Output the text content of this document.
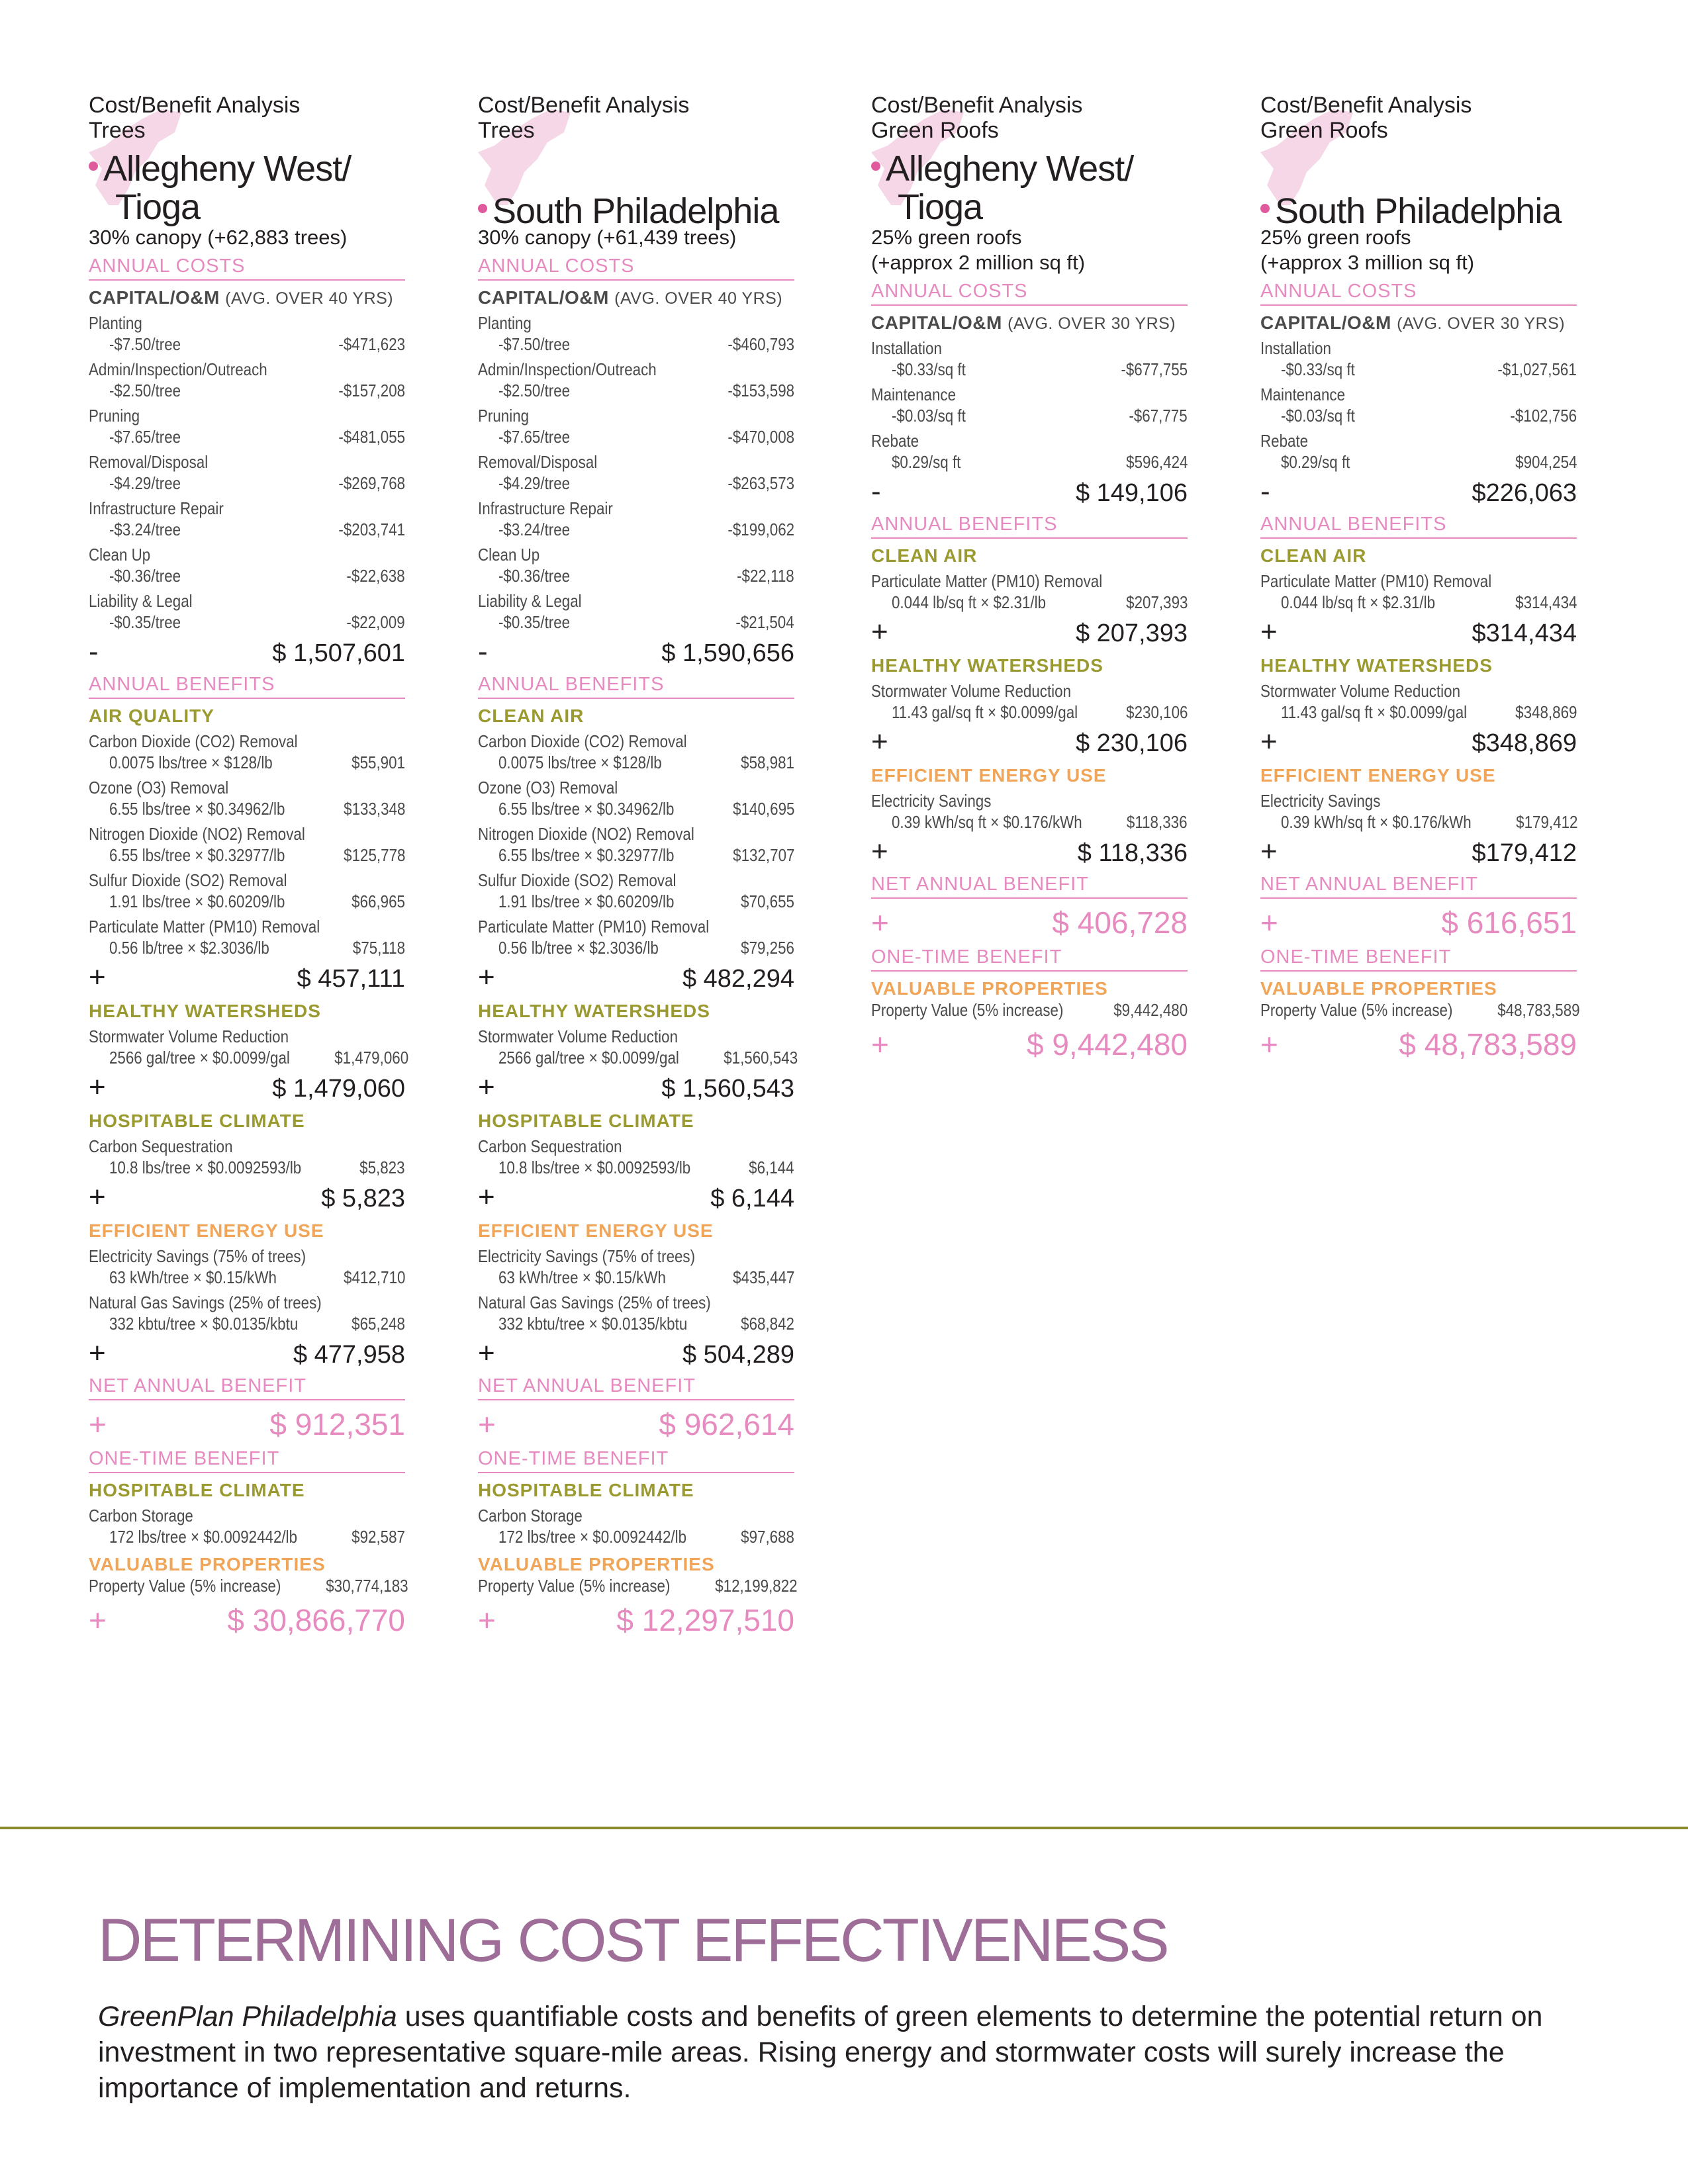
Cost/Benefit Analysis
Trees
Allegheny West/
Tioga
30% canopy (+62,883 trees)
ANNUAL COSTS
CAPITAL/O&M (AVG. OVER 40 YRS)
Planting
-$7.50/tree	-$471,623
Admin/Inspection/Outreach
-$2.50/tree	-$157,208
Pruning
-$7.65/tree	-$481,055
Removal/Disposal
-$4.29/tree	-$269,768
Infrastructure Repair
-$3.24/tree	-$203,741
Clean Up
-$0.36/tree	-$22,638
Liability & Legal
-$0.35/tree	-$22,009
-	$ 1,507,601
ANNUAL BENEFITS
AIR QUALITY
Carbon Dioxide (CO2) Removal
0.0075 lbs/tree × $128/lb	$55,901
Ozone (O3) Removal
6.55 lbs/tree × $0.34962/lb	$133,348
Nitrogen Dioxide (NO2) Removal
6.55 lbs/tree × $0.32977/lb	$125,778
Sulfur Dioxide (SO2) Removal
1.91 lbs/tree × $0.60209/lb	$66,965
Particulate Matter (PM10) Removal
0.56 lb/tree × $2.3036/lb	$75,118
+	$ 457,111
HEALTHY WATERSHEDS
Stormwater Volume Reduction
2566 gal/tree × $0.0099/gal	$1,479,060
+	$ 1,479,060
HOSPITABLE CLIMATE
Carbon Sequestration
10.8 lbs/tree × $0.0092593/lb	$5,823
+	$ 5,823
EFFICIENT ENERGY USE
Electricity Savings (75% of trees)
63 kWh/tree × $0.15/kWh	$412,710
Natural Gas Savings (25% of trees)
332 kbtu/tree × $0.0135/kbtu	$65,248
+	$ 477,958
NET ANNUAL BENEFIT
+	$ 912,351
ONE-TIME BENEFIT
HOSPITABLE CLIMATE
Carbon Storage
172 lbs/tree × $0.0092442/lb	$92,587
VALUABLE PROPERTIES
Property Value (5% increase)	$30,774,183
+	$ 30,866,770
Cost/Benefit Analysis
Trees
South Philadelphia
30% canopy (+61,439 trees)
ANNUAL COSTS
CAPITAL/O&M (AVG. OVER 40 YRS)
Planting
-$7.50/tree	-$460,793
Admin/Inspection/Outreach
-$2.50/tree	-$153,598
Pruning
-$7.65/tree	-$470,008
Removal/Disposal
-$4.29/tree	-$263,573
Infrastructure Repair
-$3.24/tree	-$199,062
Clean Up
-$0.36/tree	-$22,118
Liability & Legal
-$0.35/tree	-$21,504
-	$ 1,590,656
ANNUAL BENEFITS
CLEAN AIR
Carbon Dioxide (CO2) Removal
0.0075 lbs/tree × $128/lb	$58,981
Ozone (O3) Removal
6.55 lbs/tree × $0.34962/lb	$140,695
Nitrogen Dioxide (NO2) Removal
6.55 lbs/tree × $0.32977/lb	$132,707
Sulfur Dioxide (SO2) Removal
1.91 lbs/tree × $0.60209/lb	$70,655
Particulate Matter (PM10) Removal
0.56 lb/tree × $2.3036/lb	$79,256
+	$ 482,294
HEALTHY WATERSHEDS
Stormwater Volume Reduction
2566 gal/tree × $0.0099/gal	$1,560,543
+	$ 1,560,543
HOSPITABLE CLIMATE
Carbon Sequestration
10.8 lbs/tree × $0.0092593/lb	$6,144
+	$ 6,144
EFFICIENT ENERGY USE
Electricity Savings (75% of trees)
63 kWh/tree × $0.15/kWh	$435,447
Natural Gas Savings (25% of trees)
332 kbtu/tree × $0.0135/kbtu	$68,842
+	$ 504,289
NET ANNUAL BENEFIT
+	$ 962,614
ONE-TIME BENEFIT
HOSPITABLE CLIMATE
Carbon Storage
172 lbs/tree × $0.0092442/lb	$97,688
VALUABLE PROPERTIES
Property Value (5% increase)	$12,199,822
+	$ 12,297,510
Cost/Benefit Analysis
Green Roofs
Allegheny West/
Tioga
25% green roofs
(+approx 2 million sq ft)
ANNUAL COSTS
CAPITAL/O&M (AVG. OVER 30 YRS)
Installation
-$0.33/sq ft	-$677,755
Maintenance
-$0.03/sq ft	-$67,775
Rebate
$0.29/sq ft	$596,424
-	$ 149,106
ANNUAL BENEFITS
CLEAN AIR
Particulate Matter (PM10) Removal
0.044 lb/sq ft × $2.31/lb	$207,393
+	$ 207,393
HEALTHY WATERSHEDS
Stormwater Volume Reduction
11.43 gal/sq ft × $0.0099/gal	$230,106
+	$ 230,106
EFFICIENT ENERGY USE
Electricity Savings
0.39 kWh/sq ft × $0.176/kWh	$118,336
+	$ 118,336
NET ANNUAL BENEFIT
+	$ 406,728
ONE-TIME BENEFIT
VALUABLE PROPERTIES
Property Value (5% increase)	$9,442,480
+	$ 9,442,480
Cost/Benefit Analysis
Green Roofs
South Philadelphia
25% green roofs
(+approx 3 million sq ft)
ANNUAL COSTS
CAPITAL/O&M (AVG. OVER 30 YRS)
Installation
-$0.33/sq ft	-$1,027,561
Maintenance
-$0.03/sq ft	-$102,756
Rebate
$0.29/sq ft	$904,254
-	$226,063
ANNUAL BENEFITS
CLEAN AIR
Particulate Matter (PM10) Removal
0.044 lb/sq ft × $2.31/lb	$314,434
+	$314,434
HEALTHY WATERSHEDS
Stormwater Volume Reduction
11.43 gal/sq ft × $0.0099/gal	$348,869
+	$348,869
EFFICIENT ENERGY USE
Electricity Savings
0.39 kWh/sq ft × $0.176/kWh	$179,412
+	$179,412
NET ANNUAL BENEFIT
+	$ 616,651
ONE-TIME BENEFIT
VALUABLE PROPERTIES
Property Value (5% increase)	$48,783,589
+	$ 48,783,589
DETERMINING COST EFFECTIVENESS
GreenPlan Philadelphia uses quantifiable costs and benefits of green elements to determine the potential return on investment in two representative square-mile areas. Rising energy and stormwater costs will surely increase the importance of implementation and returns.
